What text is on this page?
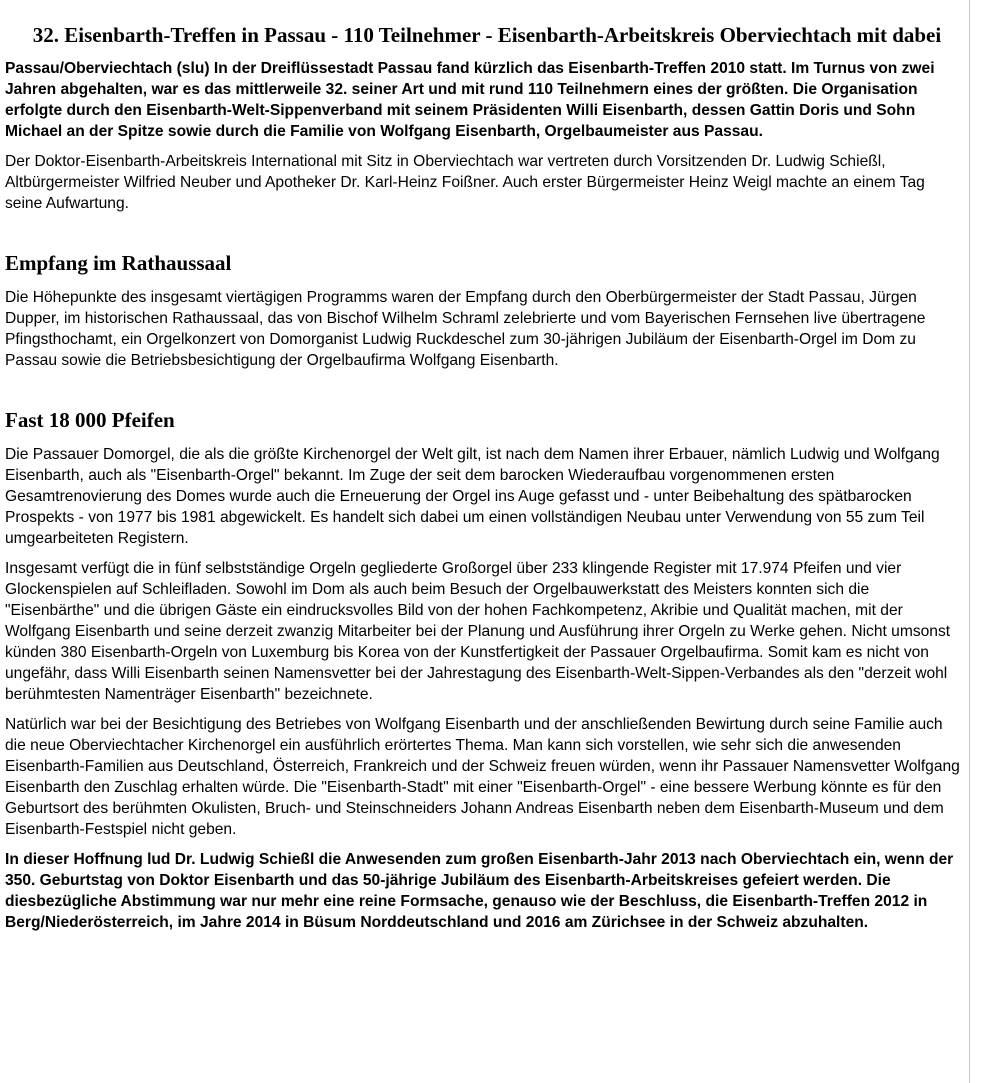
32. Eisenbarth-Treffen in Passau - 110 Teilnehmer - Eisenbarth-Arbeitskreis Oberviechtach mit dabei

Passau/Oberviechtach (slu) In der Dreiflüssestadt Passau fand kürzlich das Eisenbarth-Treffen 2010 statt. Im Turnus von zwei Jahren abgehalten, war es das mittlerweile 32. seiner Art und mit rund 110 Teilnehmern eines der größten. Die Organisation erfolgte durch den Eisenbarth-Welt-Sippenverband mit seinem Präsidenten Willi Eisenbarth, dessen Gattin Doris und Sohn Michael an der Spitze sowie durch die Familie von Wolfgang Eisenbarth, Orgelbaumeister aus Passau.

Der Doktor-Eisenbarth-Arbeitskreis International mit Sitz in Oberviechtach war vertreten durch Vorsitzenden Dr. Ludwig Schießl, Altbürgermeister Wilfried Neuber und Apotheker Dr. Karl-Heinz Foißner. Auch erster Bürgermeister Heinz Weigl machte an einem Tag seine Aufwartung.

Empfang im Rathaussaal

Die Höhepunkte des insgesamt viertägigen Programms waren der Empfang durch den Oberbürgermeister der Stadt Passau, Jürgen Dupper, im historischen Rathaussaal, das von Bischof Wilhelm Schraml zelebrierte und vom Bayerischen Fernsehen live übertragene Pfingsthochamt, ein Orgelkonzert von Domorganist Ludwig Ruckdeschel zum 30-jährigen Jubiläum der Eisenbarth-Orgel im Dom zu Passau sowie die Betriebsbesichtigung der Orgelbaufirma Wolfgang Eisenbarth.

Fast 18 000 Pfeifen

Die Passauer Domorgel, die als die größte Kirchenorgel der Welt gilt, ist nach dem Namen ihrer Erbauer, nämlich Ludwig und Wolfgang Eisenbarth, auch als "Eisenbarth-Orgel" bekannt. Im Zuge der seit dem barocken Wiederaufbau vorgenommenen ersten Gesamtrenovierung des Domes wurde auch die Erneuerung der Orgel ins Auge gefasst und - unter Beibehaltung des spätbarocken Prospekts - von 1977 bis 1981 abgewickelt. Es handelt sich dabei um einen vollständigen Neubau unter Verwendung von 55 zum Teil umgearbeiteten Registern.

Insgesamt verfügt die in fünf selbstständige Orgeln gegliederte Großorgel über 233 klingende Register mit 17.974 Pfeifen und vier Glockenspielen auf Schleifladen. Sowohl im Dom als auch beim Besuch der Orgelbauwerkstatt des Meisters konnten sich die "Eisenbärthe" und die übrigen Gäste ein eindrucksvolles Bild von der hohen Fachkompetenz, Akribie und Qualität machen, mit der Wolfgang Eisenbarth und seine derzeit zwanzig Mitarbeiter bei der Planung und Ausführung ihrer Orgeln zu Werke gehen. Nicht umsonst künden 380 Eisenbarth-Orgeln von Luxemburg bis Korea von der Kunstfertigkeit der Passauer Orgelbaufirma. Somit kam es nicht von ungefähr, dass Willi Eisenbarth seinen Namensvetter bei der Jahrestagung des Eisenbarth-Welt-Sippen-Verbandes als den "derzeit wohl berühmtesten Namenträger Eisenbarth" bezeichnete.

Natürlich war bei der Besichtigung des Betriebes von Wolfgang Eisenbarth und der anschließenden Bewirtung durch seine Familie auch die neue Oberviechtacher Kirchenorgel ein ausführlich erörtertes Thema. Man kann sich vorstellen, wie sehr sich die anwesenden Eisenbarth-Familien aus Deutschland, Österreich, Frankreich und der Schweiz freuen würden, wenn ihr Passauer Namensvetter Wolfgang Eisenbarth den Zuschlag erhalten würde. Die "Eisenbarth-Stadt" mit einer "Eisenbarth-Orgel" - eine bessere Werbung könnte es für den Geburtsort des berühmten Okulisten, Bruch- und Steinschneiders Johann Andreas Eisenbarth neben dem Eisenbarth-Museum und dem Eisenbarth-Festspiel nicht geben.

In dieser Hoffnung lud Dr. Ludwig Schießl die Anwesenden zum großen Eisenbarth-Jahr 2013 nach Oberviechtach ein, wenn der 350. Geburtstag von Doktor Eisenbarth und das 50-jährige Jubiläum des Eisenbarth-Arbeitskreises gefeiert werden. Die diesbezügliche Abstimmung war nur mehr eine reine Formsache, genauso wie der Beschluss, die Eisenbarth-Treffen 2012 in Berg/Niederösterreich, im Jahre 2014 in Büsum Norddeutschland und 2016 am Zürichsee in der Schweiz abzuhalten.
